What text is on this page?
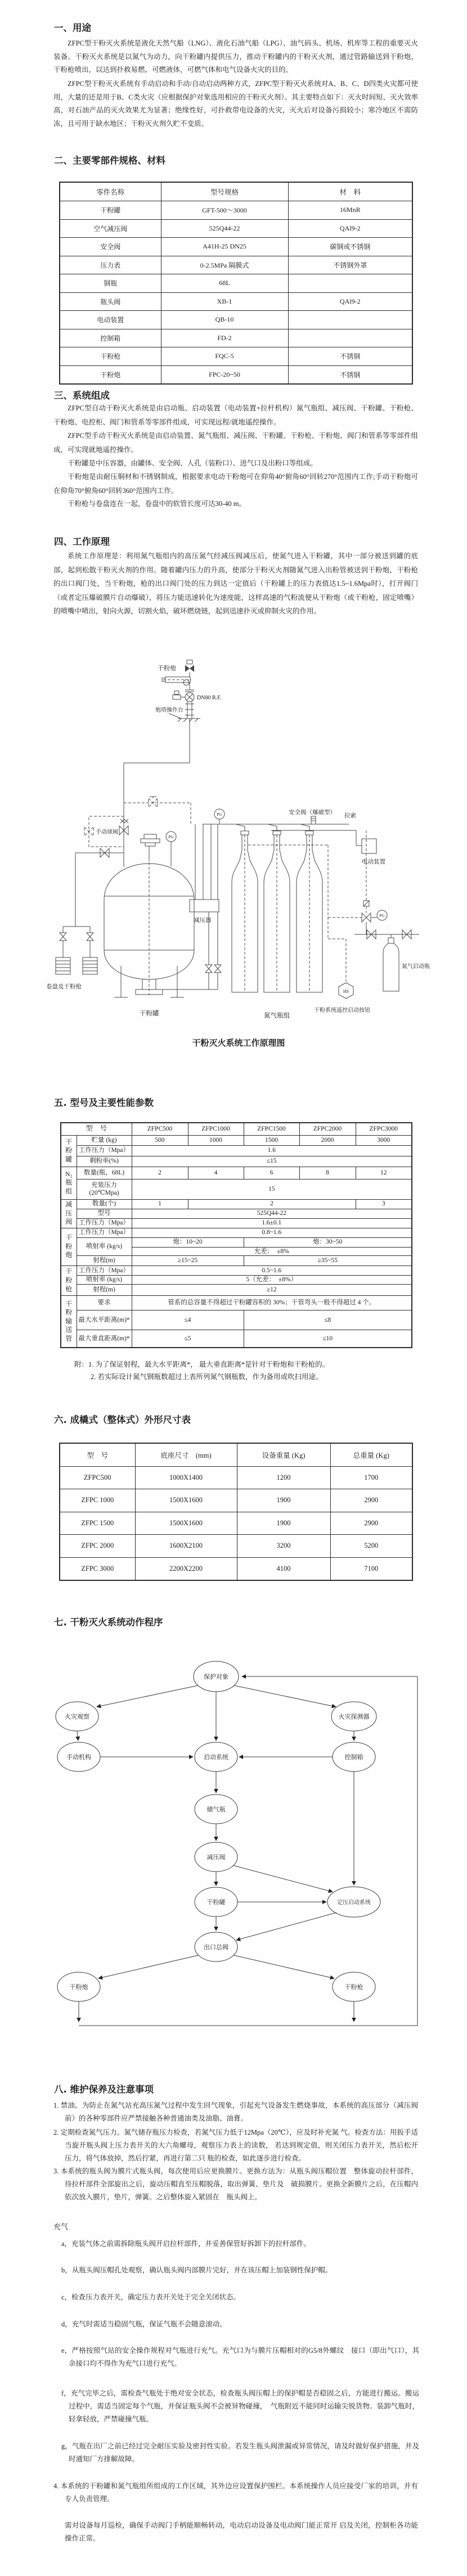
一、用途
ZFPC型干粉灭火系统是液化天然气船（LNG）、液化石油气船（LPG）、油气码头、机场、机库等工程的重要灭火装备。干粉灭火系统是以氮气为动力，向干粉罐内提供压力，推动干粉罐内的干粉灭火剂，通过管路输送到干粉炮，干粉枪喷出，以达到扑救易燃、可燃液体，可燃气体和电气设备火灾的目的。
ZFPC型干粉灭火系统有手动启动和手动/自动启动两种方式，ZFPC型干粉灭火系统对A、B、C、D四类火灾都可使用，大量的还是用于B、C类火灾（应根据保护对象选用相应的干粉灭火剂）。其主要特点如下：灭火时间短、灭火效率高，对石油产品的灭火效果尤为显著；绝缘性好，可扑救带电设备的火灾，灭火后对设备污损较小；寒冷地区不需防冻，且可用于缺水地区；干粉灭火剂久贮不变质。
二、主要零部件规格、材料
零件名称	型号规格	材　料
干粉罐	GFT-500～3000	16MnR
空气减压阀	525Q44-22	QAl9-2
安全阀	A41H-25 DN25	碳钢或不锈钢
压力表	0-2.5MPa 隔膜式	不锈钢外罩
钢瓶	68L	
瓶头阀	XB-1	QAl9-2
电动装置	QB-10	
控制箱	FD-2	
干粉枪	FQC-5	不锈钢
干粉炮	FPC-20~50	不锈钢
三、系统组成
ZFPC型自动干粉灭火系统是由启动瓶、启动装置（电动装置+拉杆机构）氮气瓶组、减压阀、干粉罐、干粉枪、干粉炮、电控柜、阀门和管系等零部件组成，可实现远程/就地遥控操作。
ZFPC型手动干粉灭火系统是由启动装置、氮气瓶组、减压阀、干粉罐、干粉枪、干粉炮、阀门和管系等零部件组成，可实现就地遥控操作。
干粉罐是中压容器，由罐体、安全阀、人孔（装粉口）、进气口及出粉口等组成。
干粉炮是由耐压铜材和不锈钢制成，根据要求电动干粉炮可在仰角40°俯角60°回转270°范围内工作;手动干粉炮可在仰角70°俯角60°回转360°范围内工作。
干粉枪与卷盘连在一起，卷盘中的软管长度可达30-40 m。
四、工作原理
系统工作原理是：利用氮气瓶组内的高压氮气经减压阀减压后，使氮气进入干粉罐，其中一部分被送到罐的底部，起到松散干粉灭火剂的作用。随着罐内压力的升高，使部分干粉灭火剂随氮气进入出粉管被送到干粉炮，干粉枪的出口阀门处，当干粉炮，枪的出口阀门处的压力到达一定值后（干粉罐上的压力表值达1.5~1.6Mpa时），打开阀门（或者定压爆破膜片自动爆破），将压力能迅速转化为速度能，这样高速的气粉流便从干粉炮（或干粉枪，固定喷嘴）的喷嘴中喷出，射向火源，切割火焰，破坏燃烧链，起到迅速扑灭或抑制火灾的作用。
干粉炮
DN80 R.F.
炮塔操作台
手动球阀
卷盘及干粉枪
干粉罐
PG
PG
减压器
安全阀（爆破型）
拉索
电动装置
氮气瓶组
HS
干粉系统遥控启动按钮
PG
氮气启动瓶
干粉灭火系统工作原理图
五. 型号及主要性能参数
型　号		ZFPC500	ZFPC1000	ZFPC1500	ZFPC2000	ZFPC3000
干粉罐	贮量 (kg)	500	1000	1500	2000	3000
	工作压力（Mpa）	1.6				
	剩粉率(%)	≤15				
N₂瓶组	数量(瓶，68L)	2	4	6	8	12
	充装压力 (20℃Mpa)	15				
减压阀	数量(个)	1	2			3
	型号	525Q44-22				
	工作压力（Mpa）	1.6±0.1				
干粉炮	工作压力（Mpa）	0.8~1.6				
	喷射率 (kg/s)	炮：10~20		炮：30~50		
		允差：　±8%				
	射程(m)	≥15~25		≥35~55		
干粉枪	工作压力（Mpa）	0.5~1.6				
	喷射率 (kg/s)	5（允差：　±8%）				
	射程(m)	≥12				
干粉输送管	要求	管系的总容量不得超过干粉罐容积的 30%；干管弯头一般不得超过 4 个。				
	最大水平距离(m)*	≤4		≤8		
	最大垂直距离(m)*	≤5		≤10		
附：1. 为了保证射程，最大水平距离*， 最大垂直距离*是针对干粉炮和干粉枪的。
2. 若实际设计氮气钢瓶数超过上表所列氮气钢瓶数，作为备用或吹扫用途。
六. 成橇式（整体式）外形尺寸表
型　号	底座尺寸　(mm)	设备重量 (Kg)	总重量 (Kg)
ZFPC500	1000X1400	1200	1700
ZFPC 1000	1500X1600	1900	2900
ZFPC 1500	1500X1600	1900	2900
ZFPC 2000	1600X2100	3200	5200
ZFPC 3000	2200X2200	4100	7100
七. 干粉灭火系统动作程序
保护对象
火灾观察	火灾探测器
手动机构	启动系统	控制箱
储气瓶
减压阀
干粉罐	定压启动系统
出口总阀
干粉炮	干粉枪
八. 维护保养及注意事项
1. 禁油。为防止在氮气站充高压氮气过程中发生回气现象，引起充气设备发生燃烧事故，本系统的高压部分（减压阀前）的各种零部件应严禁接触各种普通油类及油脂、油膏。
2. 定期检查氮气压力。氮气储存瓶压力检查，若氮气压力低于12Mpa（20℃），应及时补充氮 气。检查方法：用扳手适当旋开瓶头阀上压力表开关的大六角螺母，观察压力表上的读数， 若达到规定值，则关闭压力表开关，然后松开压力，将气体放掉，然后拧紧，再进行第二只 瓶的检查，如此逐步进行检查。
3. 本系统的瓶头阀为膜片式瓶头阀，每次使用后应更换膜片。更换方法为：从瓶头阀压帽位置　整体旋动拉杆部件，待拉杆部件全部旋出之后，旋动压帽直至压帽脱落，取出弹簧、垫片及　破损膜片。更换全新膜片之后，在压帽内依次放入膜片，垫片，弹簧。之后整体旋入紧固在　瓶头阀上。
充气
a，充装气体之前需拆除瓶头阀开启拉杆部件，并妥善保管好拆卸下的拉杆部件。
b，从瓶头阀压帽孔处观察，确认瓶头阀内部膜片完好，并在该压帽上加装钢性保护帽。
c，检查压力表开关，确定压力表开关处于完全关闭状态。
d，充气时需适当稳固气瓶，保证气瓶不会随意滚动。
e，严格按照气站的安全操作规程对气瓶进行充气。充气口为与膜片压帽相对的G5/8外螺纹　接口（即出气口），其余接口均不得作为充气口进行充气。
f，充气完毕之后，需检查气瓶处于绝对安全状态，检查瓶头阀压帽上的保护帽是否稳固之后，方能进行搬运。搬运过程中，需适当固定每个气瓶，并保证瓶头阀不会被异物碰撞，　气瓶附近不能同时运输尖锐货物。装卸气瓶时，轻拿轻放，严禁碰撞气瓶。
g，气瓶在出厂之前已经过完全耐压实验及密封性实验。若发生瓶头阀泄漏或异常情况，请及时做好保护措施，并及时通知厂方排解故障。
4. 本系统的干粉罐和氮气瓶组所组成的工作区域，其外边应设置保护围栏。本系统操作人员应接受厂家的培训，并有专人负责管理。
需对设备每月巡检，确保手动阀门手柄能顺畅转动，电动启动设备及电动阀门能正常开 启及关闭，控制柜各功能操作正常。
